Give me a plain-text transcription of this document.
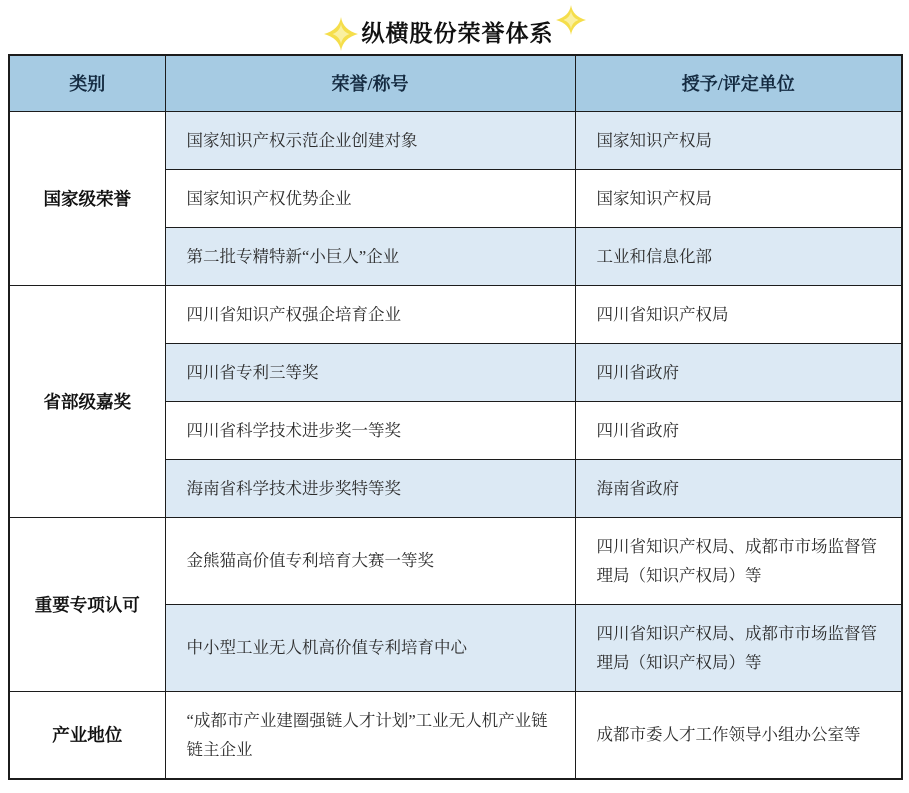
纵横股份荣誉体系
类别	荣誉/称号	授予/评定单位
国家级荣誉	国家知识产权示范企业创建对象	国家知识产权局
	国家知识产权优势企业	国家知识产权局
	第二批专精特新“小巨人”企业	工业和信息化部
省部级嘉奖	四川省知识产权强企培育企业	四川省知识产权局
	四川省专利三等奖	四川省政府
	四川省科学技术进步奖一等奖	四川省政府
	海南省科学技术进步奖特等奖	海南省政府
重要专项认可	金熊猫高价值专利培育大赛一等奖	四川省知识产权局、成都市市场监督管理局（知识产权局）等
	中小型工业无人机高价值专利培育中心	四川省知识产权局、成都市市场监督管理局（知识产权局）等
产业地位	“成都市产业建圈强链人才计划”工业无人机产业链链主企业	成都市委人才工作领导小组办公室等
